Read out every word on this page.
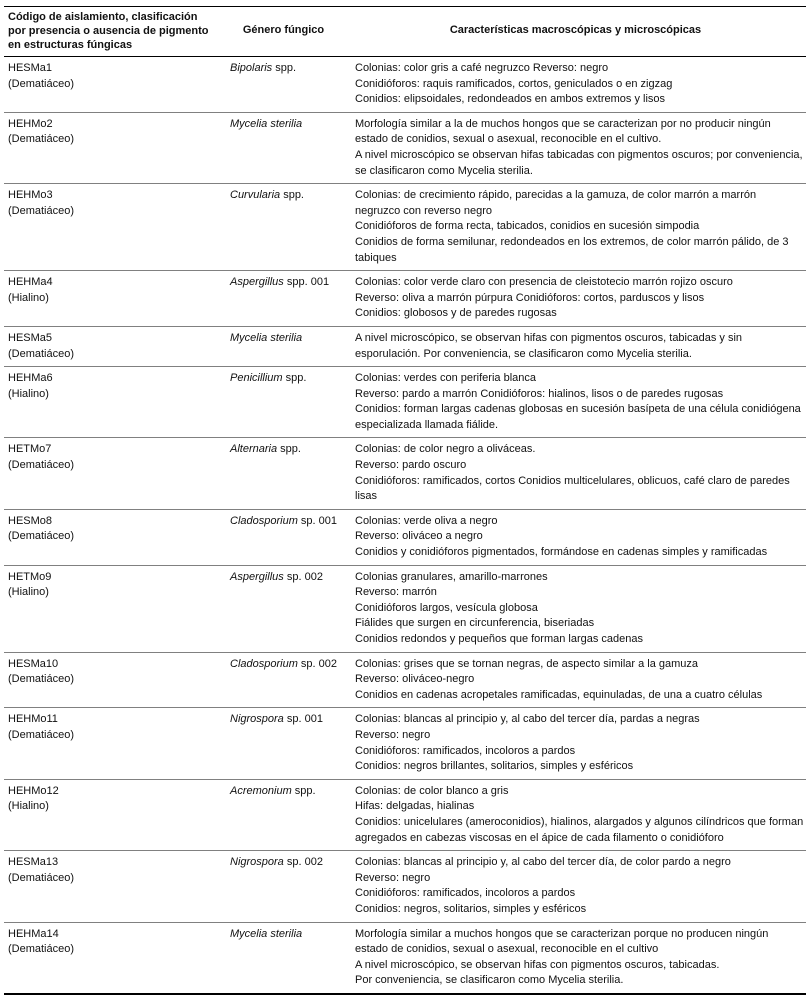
Código de aislamiento, clasificación por presencia o ausencia de pigmento en estructuras fúngicas	Género fúngico	Características macroscópicas y microscópicas

HESMa1
(Dematiáceo)	Bipolaris spp.	Colonias: color gris a café negruzco Reverso: negro
Conidióforos: raquis ramificados, cortos, geniculados o en zigzag
Conidios: elipsoidales, redondeados en ambos extremos y lisos

HEHMo2
(Dematiáceo)	Mycelia sterilia	Morfología similar a la de muchos hongos que se caracterizan por no producir ningún estado de conidios, sexual o asexual, reconocible en el cultivo.
A nivel microscópico se observan hifas tabicadas con pigmentos oscuros; por conveniencia, se clasificaron como Mycelia sterilia.

HEHMo3
(Dematiáceo)	Curvularia spp.	Colonias: de crecimiento rápido, parecidas a la gamuza, de color marrón a marrón negruzco con reverso negro
Conidióforos de forma recta, tabicados, conidios en sucesión simpodia
Conidios de forma semilunar, redondeados en los extremos, de color marrón pálido, de 3 tabiques

HEHMa4
(Hialino)	Aspergillus spp. 001	Colonias: color verde claro con presencia de cleistotecio marrón rojizo oscuro
Reverso: oliva a marrón púrpura Conidióforos: cortos, parduscos y lisos
Conidios: globosos y de paredes rugosas

HESMa5
(Dematiáceo)	Mycelia sterilia	A nivel microscópico, se observan hifas con pigmentos oscuros, tabicadas y sin esporulación. Por conveniencia, se clasificaron como Mycelia sterilia.

HEHMa6
(Hialino)	Penicillium spp.	Colonias: verdes con periferia blanca
Reverso: pardo a marrón Conidióforos: hialinos, lisos o de paredes rugosas
Conidios: forman largas cadenas globosas en sucesión basípeta de una célula conidiógena especializada llamada fiálide.

HETMo7
(Dematiáceo)	Alternaria spp.	Colonias: de color negro a oliváceas.
Reverso: pardo oscuro
Conidióforos: ramificados, cortos Conidios multicelulares, oblicuos, café claro de paredes lisas

HESMo8
(Dematiáceo)	Cladosporium sp. 001	Colonias: verde oliva a negro
Reverso: oliváceo a negro
Conidios y conidióforos pigmentados, formándose en cadenas simples y ramificadas

HETMo9
(Hialino)	Aspergillus sp. 002	Colonias granulares, amarillo-marrones
Reverso: marrón
Conidióforos largos, vesícula globosa
Fiálides que surgen en circunferencia, biseriadas
Conidios redondos y pequeños que forman largas cadenas

HESMa10
(Dematiáceo)	Cladosporium sp. 002	Colonias: grises que se tornan negras, de aspecto similar a la gamuza
Reverso: oliváceo-negro
Conidios en cadenas acropetales ramificadas, equinuladas, de una a cuatro células

HEHMo11
(Dematiáceo)	Nigrospora sp. 001	Colonias: blancas al principio y, al cabo del tercer día, pardas a negras
Reverso: negro
Conidióforos: ramificados, incoloros a pardos
Conidios: negros brillantes, solitarios, simples y esféricos

HEHMo12
(Hialino)	Acremonium spp.	Colonias: de color blanco a gris
Hifas: delgadas, hialinas
Conidios: unicelulares (ameroconidios), hialinos, alargados y algunos cilíndricos que forman agregados en cabezas viscosas en el ápice de cada filamento o conidióforo

HESMa13
(Dematiáceo)	Nigrospora sp. 002	Colonias: blancas al principio y, al cabo del tercer día, de color pardo a negro
Reverso: negro
Conidióforos: ramificados, incoloros a pardos
Conidios: negros, solitarios, simples y esféricos

HEHMa14
(Dematiáceo)	Mycelia sterilia	Morfología similar a muchos hongos que se caracterizan porque no producen ningún estado de conidios, sexual o asexual, reconocible en el cultivo
A nivel microscópico, se observan hifas con pigmentos oscuros, tabicadas.
Por conveniencia, se clasificaron como Mycelia sterilia.
